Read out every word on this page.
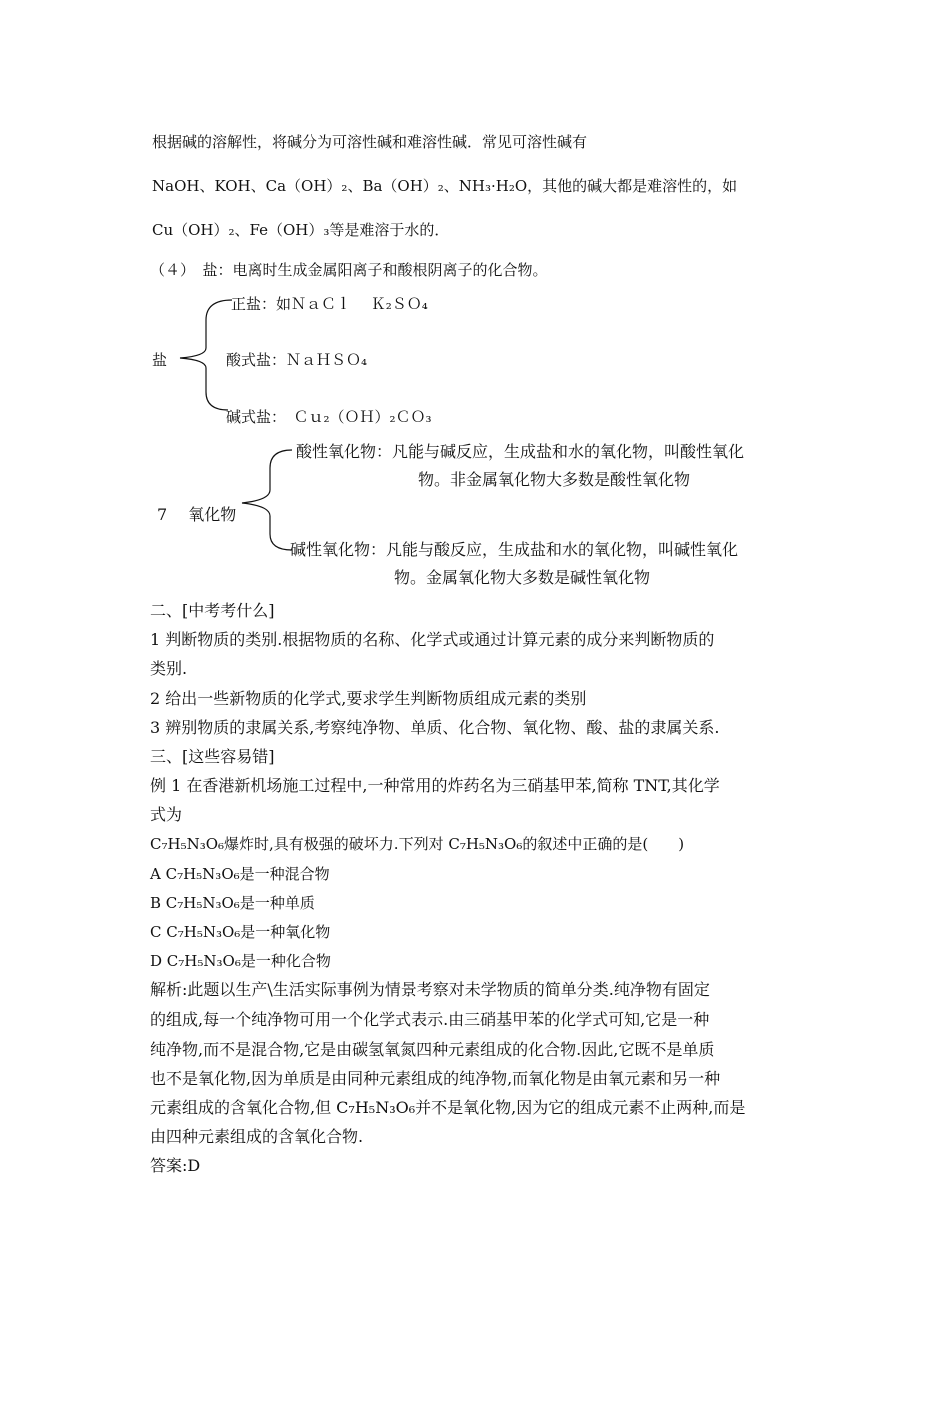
根据碱的溶解性，将碱分为可溶性碱和难溶性碱．常见可溶性碱有
NaOH、KOH、Ca（OH）₂、Ba（OH）₂、NH₃·H₂O，其他的碱大都是难溶性的，如
Cu（OH）₂、Fe（OH）₃等是难溶于水的．
（４）　盐：电离时生成金属阳离子和酸根阴离子的化合物。
盐
正盐：如ＮａＣｌ　 Ｋ₂ＳＯ₄
酸式盐：ＮａＨＳＯ₄
碱式盐：　Ｃｕ₂（ＯＨ）₂ＣＯ₃
7　 氧化物
酸性氧化物：凡能与碱反应，生成盐和水的氧化物，叫酸性氧化
物。非金属氧化物大多数是酸性氧化物
碱性氧化物：凡能与酸反应，生成盐和水的氧化物，叫碱性氧化
物。金属氧化物大多数是碱性氧化物
二、[中考考什么]
1 判断物质的类别.根据物质的名称、化学式或通过计算元素的成分来判断物质的
类别.
2 给出一些新物质的化学式,要求学生判断物质组成元素的类别
3 辨别物质的隶属关系,考察纯净物、单质、化合物、氧化物、酸、盐的隶属关系.
三、[这些容易错]
例 1 在香港新机场施工过程中,一种常用的炸药名为三硝基甲苯,简称 TNT,其化学
式为
C₇H₅N₃O₆爆炸时,具有极强的破坏力.下列对 C₇H₅N₃O₆的叙述中正确的是(　　)
A C₇H₅N₃O₆是一种混合物
B C₇H₅N₃O₆是一种单质
C C₇H₅N₃O₆是一种氧化物
D C₇H₅N₃O₆是一种化合物
解析:此题以生产\生活实际事例为情景考察对未学物质的简单分类.纯净物有固定
的组成,每一个纯净物可用一个化学式表示.由三硝基甲苯的化学式可知,它是一种
纯净物,而不是混合物,它是由碳氢氧氮四种元素组成的化合物.因此,它既不是单质
也不是氧化物,因为单质是由同种元素组成的纯净物,而氧化物是由氧元素和另一种
元素组成的含氧化合物,但 C₇H₅N₃O₆并不是氧化物,因为它的组成元素不止两种,而是
由四种元素组成的含氧化合物.
答案:D
